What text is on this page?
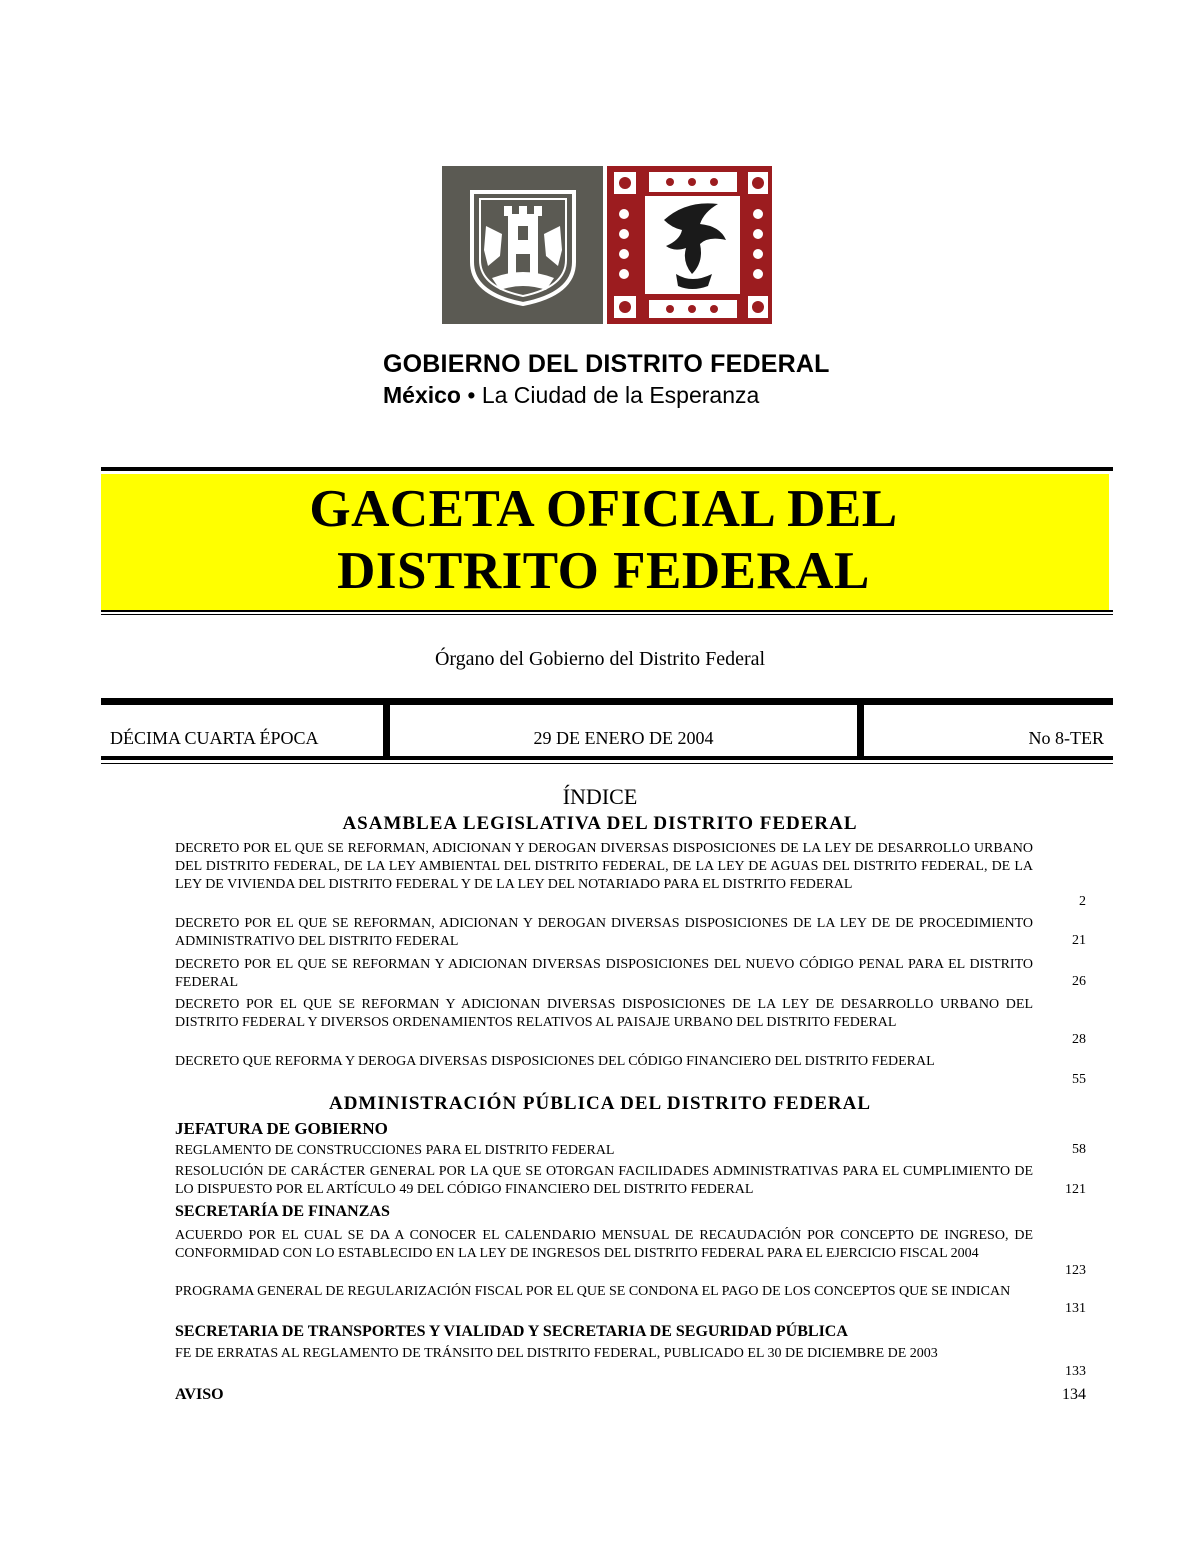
GOBIERNO DEL DISTRITO FEDERAL
México • La Ciudad de la Esperanza
GACETA OFICIAL DEL
DISTRITO FEDERAL
Órgano del Gobierno del Distrito Federal
DÉCIMA CUARTA ÉPOCA	29 DE ENERO DE 2004	No 8-TER
ÍNDICE
ASAMBLEA LEGISLATIVA DEL DISTRITO FEDERAL
DECRETO POR EL QUE SE REFORMAN, ADICIONAN Y DEROGAN DIVERSAS DISPOSICIONES DE LA LEY DE DESARROLLO URBANO DEL DISTRITO FEDERAL, DE LA LEY AMBIENTAL DEL DISTRITO FEDERAL, DE LA LEY DE AGUAS DEL DISTRITO FEDERAL, DE LA LEY DE VIVIENDA DEL DISTRITO FEDERAL Y DE LA LEY DEL NOTARIADO PARA EL DISTRITO FEDERAL
2
DECRETO POR EL QUE SE REFORMAN, ADICIONAN Y DEROGAN DIVERSAS DISPOSICIONES DE LA LEY DE DE PROCEDIMIENTO ADMINISTRATIVO DEL DISTRITO FEDERAL	21
DECRETO POR EL QUE SE REFORMAN Y ADICIONAN DIVERSAS DISPOSICIONES DEL NUEVO CÓDIGO PENAL PARA EL DISTRITO FEDERAL	26
DECRETO POR EL QUE SE REFORMAN Y ADICIONAN DIVERSAS DISPOSICIONES DE LA LEY DE DESARROLLO URBANO DEL DISTRITO FEDERAL Y DIVERSOS ORDENAMIENTOS RELATIVOS AL PAISAJE URBANO DEL DISTRITO FEDERAL
28
DECRETO QUE REFORMA Y DEROGA DIVERSAS DISPOSICIONES DEL CÓDIGO FINANCIERO DEL DISTRITO FEDERAL
55
ADMINISTRACIÓN PÚBLICA DEL DISTRITO FEDERAL
JEFATURA DE GOBIERNO
REGLAMENTO DE CONSTRUCCIONES PARA EL DISTRITO FEDERAL	58
RESOLUCIÓN DE CARÁCTER GENERAL POR LA QUE SE OTORGAN FACILIDADES ADMINISTRATIVAS PARA EL CUMPLIMIENTO DE LO DISPUESTO POR EL ARTÍCULO 49 DEL CÓDIGO FINANCIERO DEL DISTRITO FEDERAL	121
SECRETARÍA DE FINANZAS
ACUERDO POR EL CUAL SE DA A CONOCER EL CALENDARIO MENSUAL DE RECAUDACIÓN POR CONCEPTO DE INGRESO, DE CONFORMIDAD CON LO ESTABLECIDO EN LA LEY DE INGRESOS DEL DISTRITO FEDERAL PARA EL EJERCICIO FISCAL 2004
123
PROGRAMA GENERAL DE REGULARIZACIÓN FISCAL POR EL QUE SE CONDONA EL PAGO DE LOS CONCEPTOS QUE SE INDICAN
131
SECRETARIA DE TRANSPORTES Y VIALIDAD Y SECRETARIA DE SEGURIDAD PÚBLICA
FE DE ERRATAS AL REGLAMENTO DE TRÁNSITO DEL DISTRITO FEDERAL, PUBLICADO EL 30 DE DICIEMBRE DE 2003
133
AVISO	134
